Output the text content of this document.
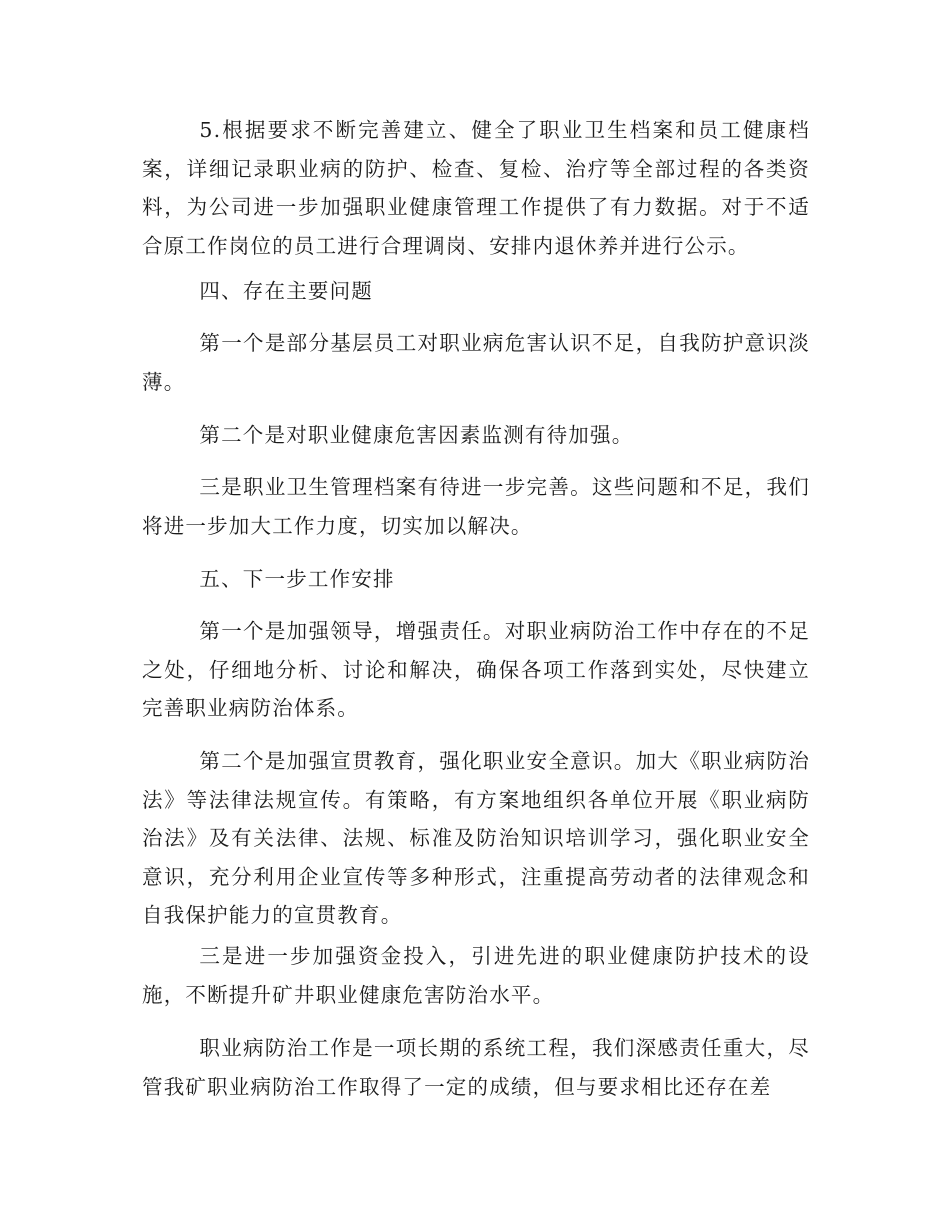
5.根据要求不断完善建立、健全了职业卫生档案和员工健康档案，详细记录职业病的防护、检查、复检、治疗等全部过程的各类资料，为公司进一步加强职业健康管理工作提供了有力数据。对于不适合原工作岗位的员工进行合理调岗、安排内退休养并进行公示。

四、存在主要问题

第一个是部分基层员工对职业病危害认识不足，自我防护意识淡薄。

第二个是对职业健康危害因素监测有待加强。

三是职业卫生管理档案有待进一步完善。这些问题和不足，我们将进一步加大工作力度，切实加以解决。

五、下一步工作安排

第一个是加强领导，增强责任。对职业病防治工作中存在的不足之处，仔细地分析、讨论和解决，确保各项工作落到实处，尽快建立完善职业病防治体系。

第二个是加强宣贯教育，强化职业安全意识。加大《职业病防治法》等法律法规宣传。有策略，有方案地组织各单位开展《职业病防治法》及有关法律、法规、标准及防治知识培训学习，强化职业安全意识，充分利用企业宣传等多种形式，注重提高劳动者的法律观念和自我保护能力的宣贯教育。

三是进一步加强资金投入，引进先进的职业健康防护技术的设施，不断提升矿井职业健康危害防治水平。

职业病防治工作是一项长期的系统工程，我们深感责任重大，尽管我矿职业病防治工作取得了一定的成绩，但与要求相比还存在差
